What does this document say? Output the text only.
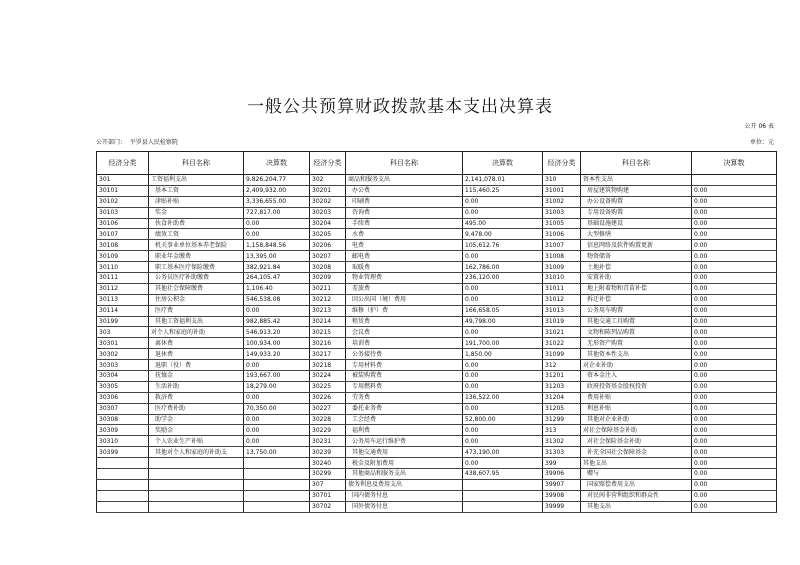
一般公共预算财政拨款基本支出决算表
公开 06 表
公开部门： 平罗县人民检察院	单位：元
经济分类	科目名称	决算数	经济分类	科目名称	决算数	经济分类	科目名称	决算数
301	工资福利支出	9,826,204.77	302	商品和服务支出	2,141,078.01	310	资本性支出	
30101	基本工资	2,409,932.00	30201	办公费	115,460.25	31001	房屋建筑物购建	0.00
30102	津贴补贴	3,336,655.00	30202	印刷费	0.00	31002	办公设备购置	0.00
30103	奖金	727,817.00	30203	咨询费	0.00	31003	专用设备购置	0.00
30106	伙食补助费	0.00	30204	手续费	495.00	31005	基础设施建设	0.00
30107	绩效工资	0.00	30205	水费	9,478.00	31006	大型修缮	0.00
30108	机关事业单位基本养老保险	1,158,848.56	30206	电费	105,612.76	31007	信息网络及软件购置更新	0.00
30109	职业年金缴费	13,395.00	30207	邮电费	0.00	31008	物资储备	0.00
30110	职工基本医疗保险缴费	382,921.84	30208	取暖费	162,786.00	31009	土地补偿	0.00
30111	公务员医疗补助缴费	264,105.47	30209	物业管理费	236,120.00	31010	安置补助	0.00
30112	其他社会保障缴费	1,106.40	30211	差旅费	0.00	31011	地上附着物和青苗补偿	0.00
30113	住房公积金	546,538.08	30212	因公出国（境）费用	0.00	31012	拆迁补偿	0.00
30114	医疗费	0.00	30213	维修（护）费	166,658.05	31013	公务用车购置	0.00
30199	其他工资福利支出	982,885.42	30214	租赁费	49,798.00	31019	其他交通工具购置	0.00
303	对个人和家庭的补助	546,913.20	30215	会议费	0.00	31021	文物和陈列品购置	0.00
30301	离休费	100,934.00	30216	培训费	191,700.00	31022	无形资产购置	0.00
30302	退休费	149,933.20	30217	公务接待费	1,850.00	31099	其他资本性支出	0.00
30303	退职（役）费	0.00	30218	专用材料费	0.00	312	对企业补助	0.00
30304	抚恤金	193,667.00	30224	被装购置费	0.00	31201	资本金注入	0.00
30305	生活补助	18,279.00	30225	专用燃料费	0.00	31203	政府投资基金股权投资	0.00
30306	救济费	0.00	30226	劳务费	136,522.00	31204	费用补贴	0.00
30307	医疗费补助	70,350.00	30227	委托业务费	0.00	31205	利息补贴	0.00
30308	助学金	0.00	30228	工会经费	52,800.00	31299	其他对企业补助	0.00
30309	奖励金	0.00	30229	福利费	0.00	313	对社会保障基金补助	0.00
30310	个人农业生产补贴	0.00	30231	公务用车运行维护费	0.00	31302	对社会保险基金补助	0.00
30399	其他对个人和家庭的补助支	13,750.00	30239	其他交通费用	473,190.00	31303	补充全国社会保障基金	0.00
			30240	税金及附加费用	0.00	399	其他支出	0.00
			30299	其他商品和服务支出	438,607.95	39906	赠与	0.00
			307	债务利息及费用支出		39907	国家赔偿费用支出	0.00
			30701	国内债务付息		39908	对民间非营利组织和群众性	0.00
			30702	国外债务付息		39999	其他支出	0.00
